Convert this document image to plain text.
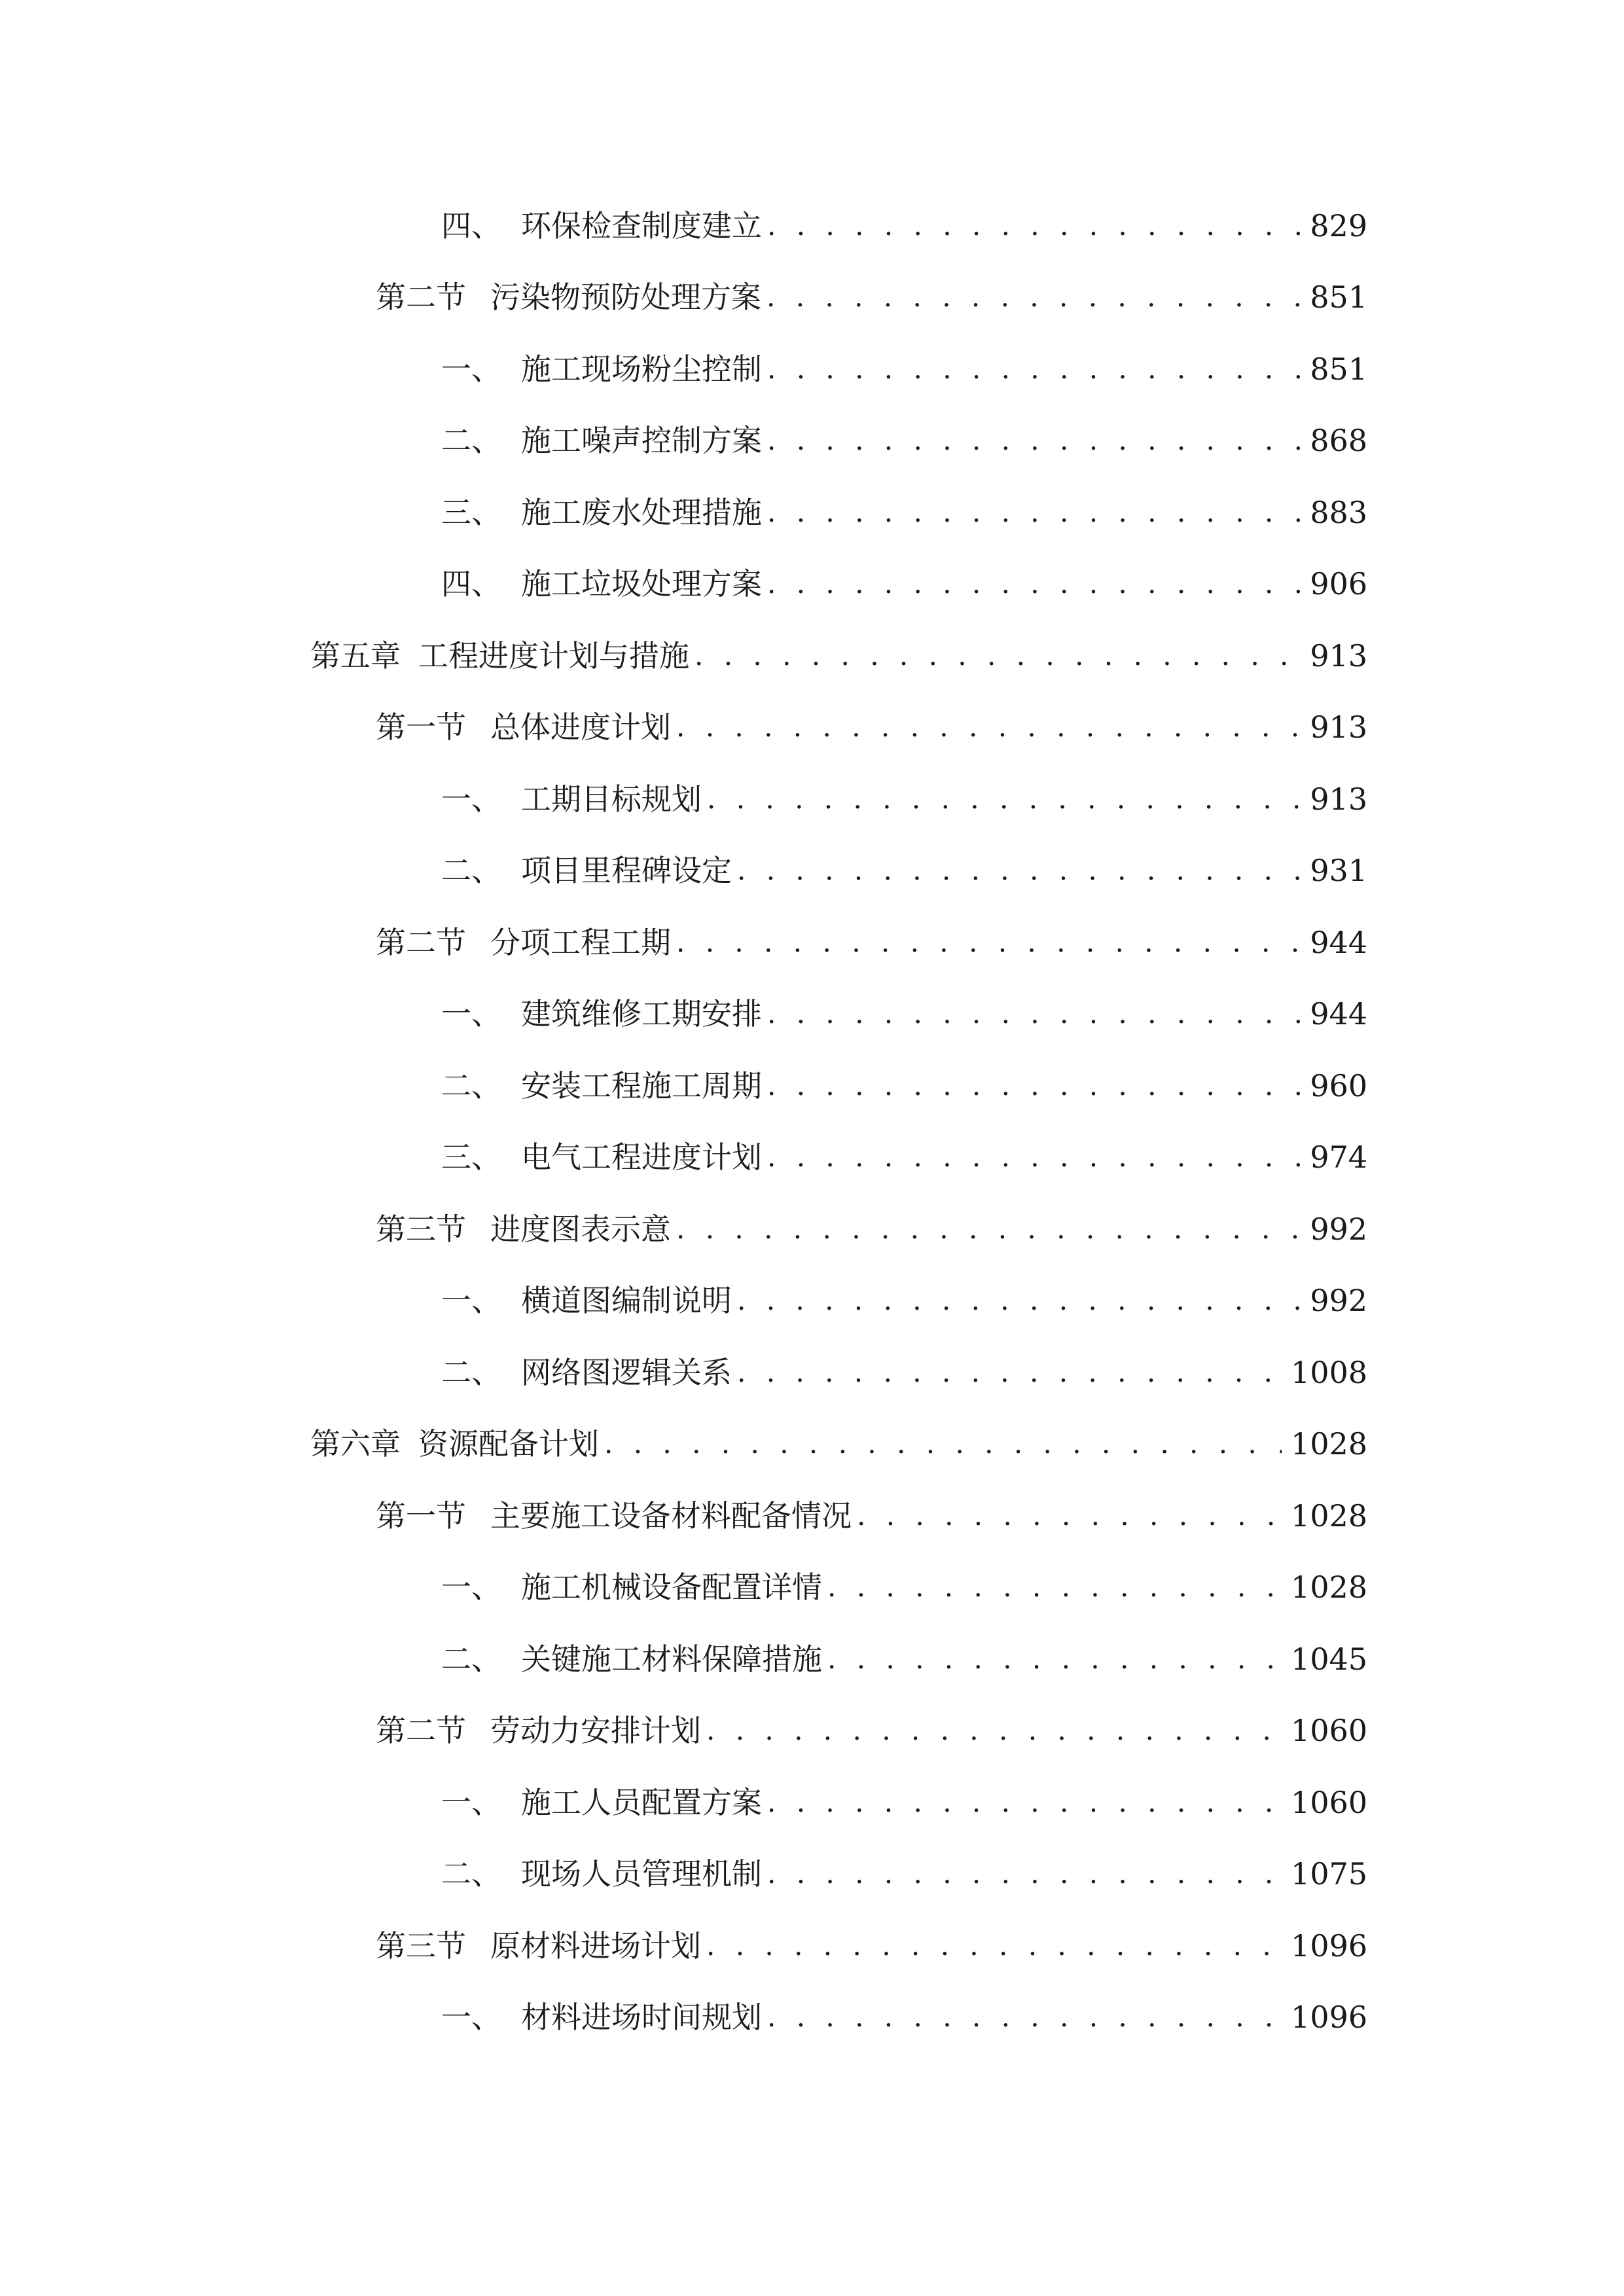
四、 环保检查制度建立 . . .	829
第二节 污染物预防处理方案 . . .	851
一、 施工现场粉尘控制 . . .	851
二、 施工噪声控制方案 . . .	868
三、 施工废水处理措施 . . .	883
四、 施工垃圾处理方案 . . .	906
第五章 工程进度计划与措施 . . .	913
第一节 总体进度计划 . . .	913
一、 工期目标规划 . . .	913
二、 项目里程碑设定 . . .	931
第二节 分项工程工期 . . .	944
一、 建筑维修工期安排 . . .	944
二、 安装工程施工周期 . . .	960
三、 电气工程进度计划 . . .	974
第三节 进度图表示意 . . .	992
一、 横道图编制说明 . . .	992
二、 网络图逻辑关系 . . .	1008
第六章 资源配备计划 . . .	1028
第一节 主要施工设备材料配备情况 . . .	1028
一、 施工机械设备配置详情 . . .	1028
二、 关键施工材料保障措施 . . .	1045
第二节 劳动力安排计划 . . .	1060
一、 施工人员配置方案 . . .	1060
二、 现场人员管理机制 . . .	1075
第三节 原材料进场计划 . . .	1096
一、 材料进场时间规划 . . .	1096
